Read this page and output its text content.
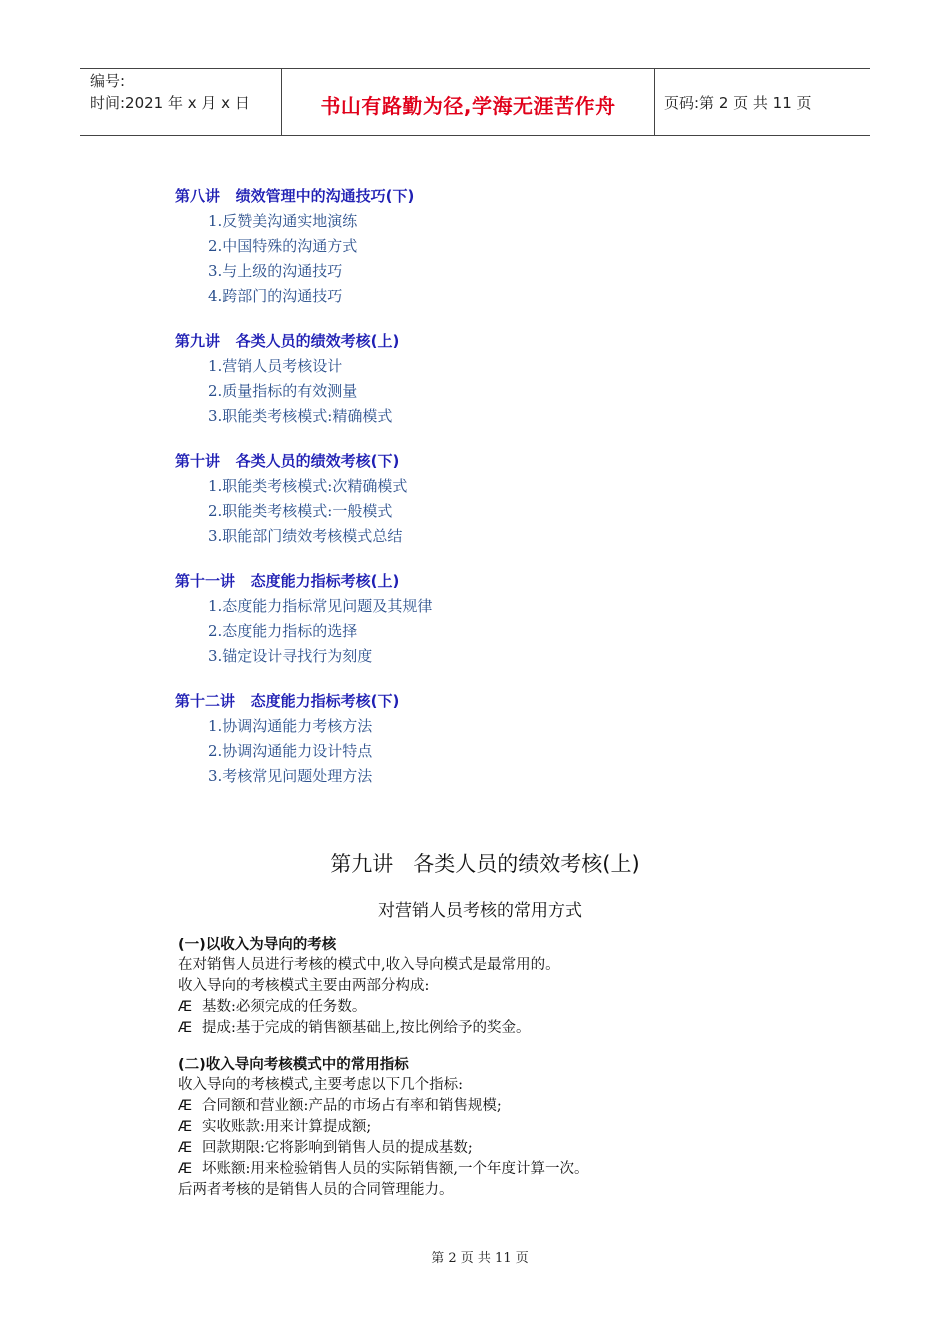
编号:
时间:2021 年 x 月 x 日	书山有路勤为径,学海无涯苦作舟	页码:第 2 页 共 11 页
第八讲   绩效管理中的沟通技巧(下)
1.反赞美沟通实地演练
2.中国特殊的沟通方式
3.与上级的沟通技巧
4.跨部门的沟通技巧
第九讲   各类人员的绩效考核(上)
1.营销人员考核设计
2.质量指标的有效测量
3.职能类考核模式:精确模式
第十讲   各类人员的绩效考核(下)
1.职能类考核模式:次精确模式
2.职能类考核模式:一般模式
3.职能部门绩效考核模式总结
第十一讲   态度能力指标考核(上)
1.态度能力指标常见问题及其规律
2.态度能力指标的选择
3.锚定设计寻找行为刻度
第十二讲   态度能力指标考核(下)
1.协调沟通能力考核方法
2.协调沟通能力设计特点
3.考核常见问题处理方法
第九讲   各类人员的绩效考核(上)
对营销人员考核的常用方式
(一)以收入为导向的考核
在对销售人员进行考核的模式中,收入导向模式是最常用的。
收入导向的考核模式主要由两部分构成:
Æ 基数:必须完成的任务数。
Æ 提成:基于完成的销售额基础上,按比例给予的奖金。
(二)收入导向考核模式中的常用指标
收入导向的考核模式,主要考虑以下几个指标:
Æ 合同额和营业额:产品的市场占有率和销售规模;
Æ 实收账款:用来计算提成额;
Æ 回款期限:它将影响到销售人员的提成基数;
Æ 坏账额:用来检验销售人员的实际销售额,一个年度计算一次。
后两者考核的是销售人员的合同管理能力。
第 2 页 共 11 页
